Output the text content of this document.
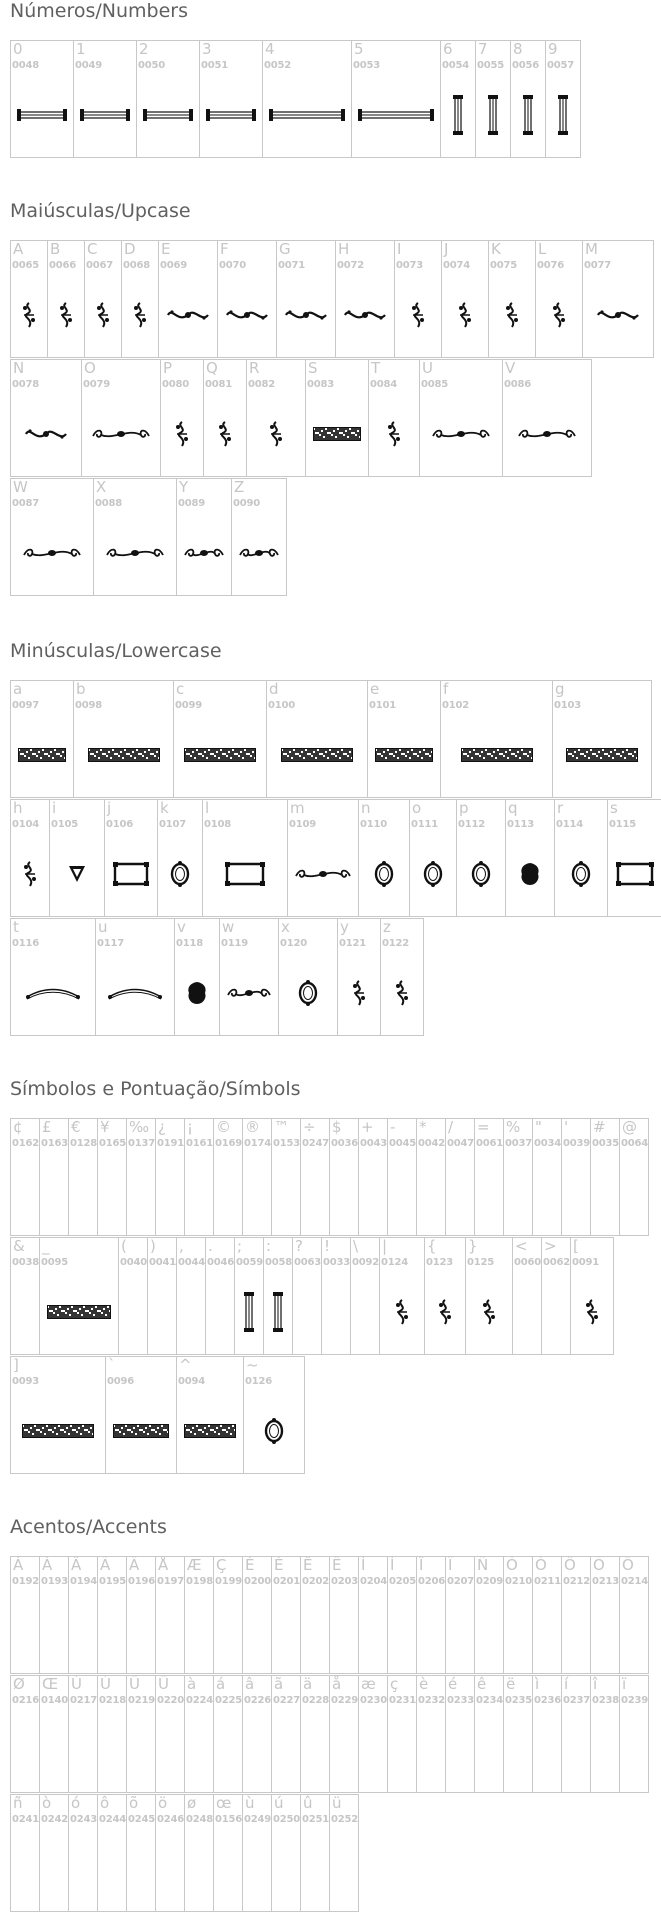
Números/Numbers
0
0048
1
0049
2
0050
3
0051
4
0052
5
0053
6
0054
7
0055
8
0056
9
0057
Maiúsculas/Upcase
A
0065
B
0066
C
0067
D
0068
E
0069
F
0070
G
0071
H
0072
I
0073
J
0074
K
0075
L
0076
M
0077
N
0078
O
0079
P
0080
Q
0081
R
0082
S
0083
T
0084
U
0085
V
0086
W
0087
X
0088
Y
0089
Z
0090
Minúsculas/Lowercase
a
0097
b
0098
c
0099
d
0100
e
0101
f
0102
g
0103
h
0104
i
0105
j
0106
k
0107
l
0108
m
0109
n
0110
o
0111
p
0112
q
0113
r
0114
s
0115
t
0116
u
0117
v
0118
w
0119
x
0120
y
0121
z
0122
Símbolos e Pontuação/Símbols
¢
0162
£
0163
€
0128
¥
0165
‰
0137
¿
0191
¡
0161
©
0169
®
0174
™
0153
÷
0247
$
0036
+
0043
-
0045
*
0042
/
0047
=
0061
%
0037
"
0034
'
0039
#
0035
@
0064
&
0038
_
0095
(
0040
)
0041
,
0044
.
0046
;
0059
:
0058
?
0063
!
0033
\
0092
|
0124
{
0123
}
0125
<
0060
>
0062
[
0091
]
0093
`
0096
^
0094
~
0126
Acentos/Accents
À
0192
Á
0193
Â
0194
Ã
0195
Ä
0196
Å
0197
Æ
0198
Ç
0199
È
0200
É
0201
Ê
0202
Ë
0203
Ì
0204
Í
0205
Î
0206
Ï
0207
Ñ
0209
Ò
0210
Ó
0211
Ô
0212
Õ
0213
Ö
0214
Ø
0216
Œ
0140
Ù
0217
Ú
0218
Û
0219
Ü
0220
à
0224
á
0225
â
0226
ã
0227
ä
0228
å
0229
æ
0230
ç
0231
è
0232
é
0233
ê
0234
ë
0235
ì
0236
í
0237
î
0238
ï
0239
ñ
0241
ò
0242
ó
0243
ô
0244
õ
0245
ö
0246
ø
0248
œ
0156
ù
0249
ú
0250
û
0251
ü
0252
